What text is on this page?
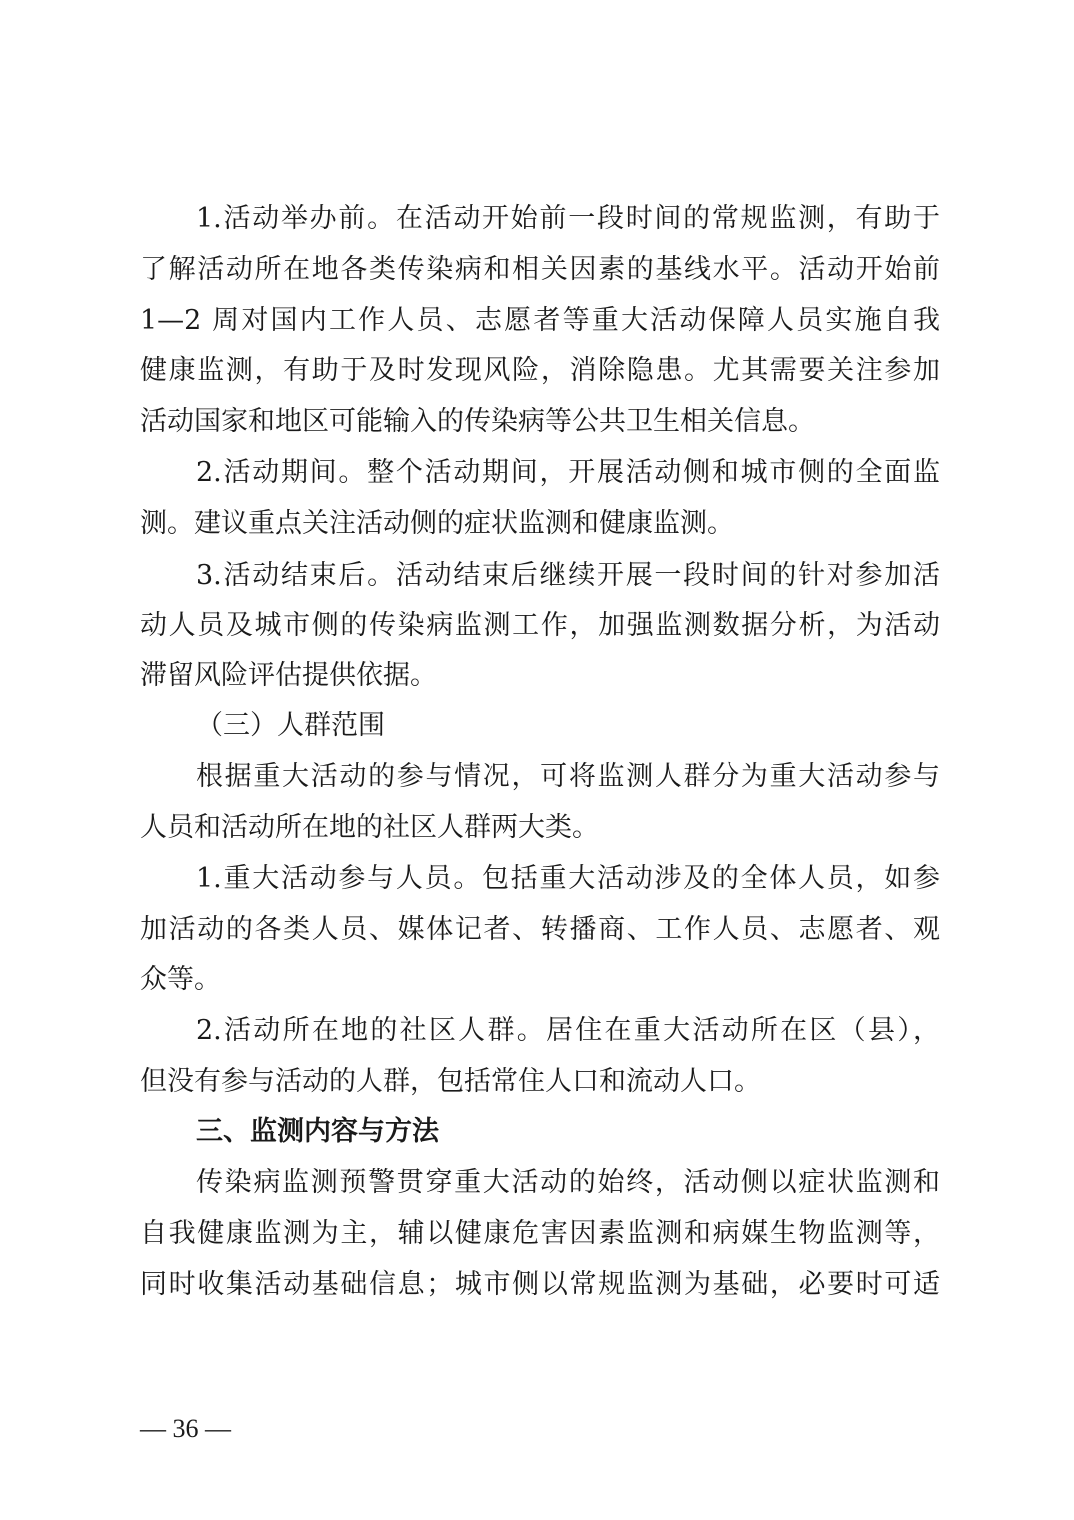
1.活动举办前。在活动开始前一段时间的常规监测，有助于
了解活动所在地各类传染病和相关因素的基线水平。活动开始前
1—2 周对国内工作人员、志愿者等重大活动保障人员实施自我
健康监测，有助于及时发现风险，消除隐患。尤其需要关注参加
活动国家和地区可能输入的传染病等公共卫生相关信息。
2.活动期间。整个活动期间，开展活动侧和城市侧的全面监
测。建议重点关注活动侧的症状监测和健康监测。
3.活动结束后。活动结束后继续开展一段时间的针对参加活
动人员及城市侧的传染病监测工作，加强监测数据分析，为活动
滞留风险评估提供依据。
（三）人群范围
根据重大活动的参与情况，可将监测人群分为重大活动参与
人员和活动所在地的社区人群两大类。
1.重大活动参与人员。包括重大活动涉及的全体人员，如参
加活动的各类人员、媒体记者、转播商、工作人员、志愿者、观
众等。
2.活动所在地的社区人群。居住在重大活动所在区（县），
但没有参与活动的人群，包括常住人口和流动人口。
三、监测内容与方法
传染病监测预警贯穿重大活动的始终，活动侧以症状监测和
自我健康监测为主，辅以健康危害因素监测和病媒生物监测等，
同时收集活动基础信息；城市侧以常规监测为基础，必要时可适
— 36 —
